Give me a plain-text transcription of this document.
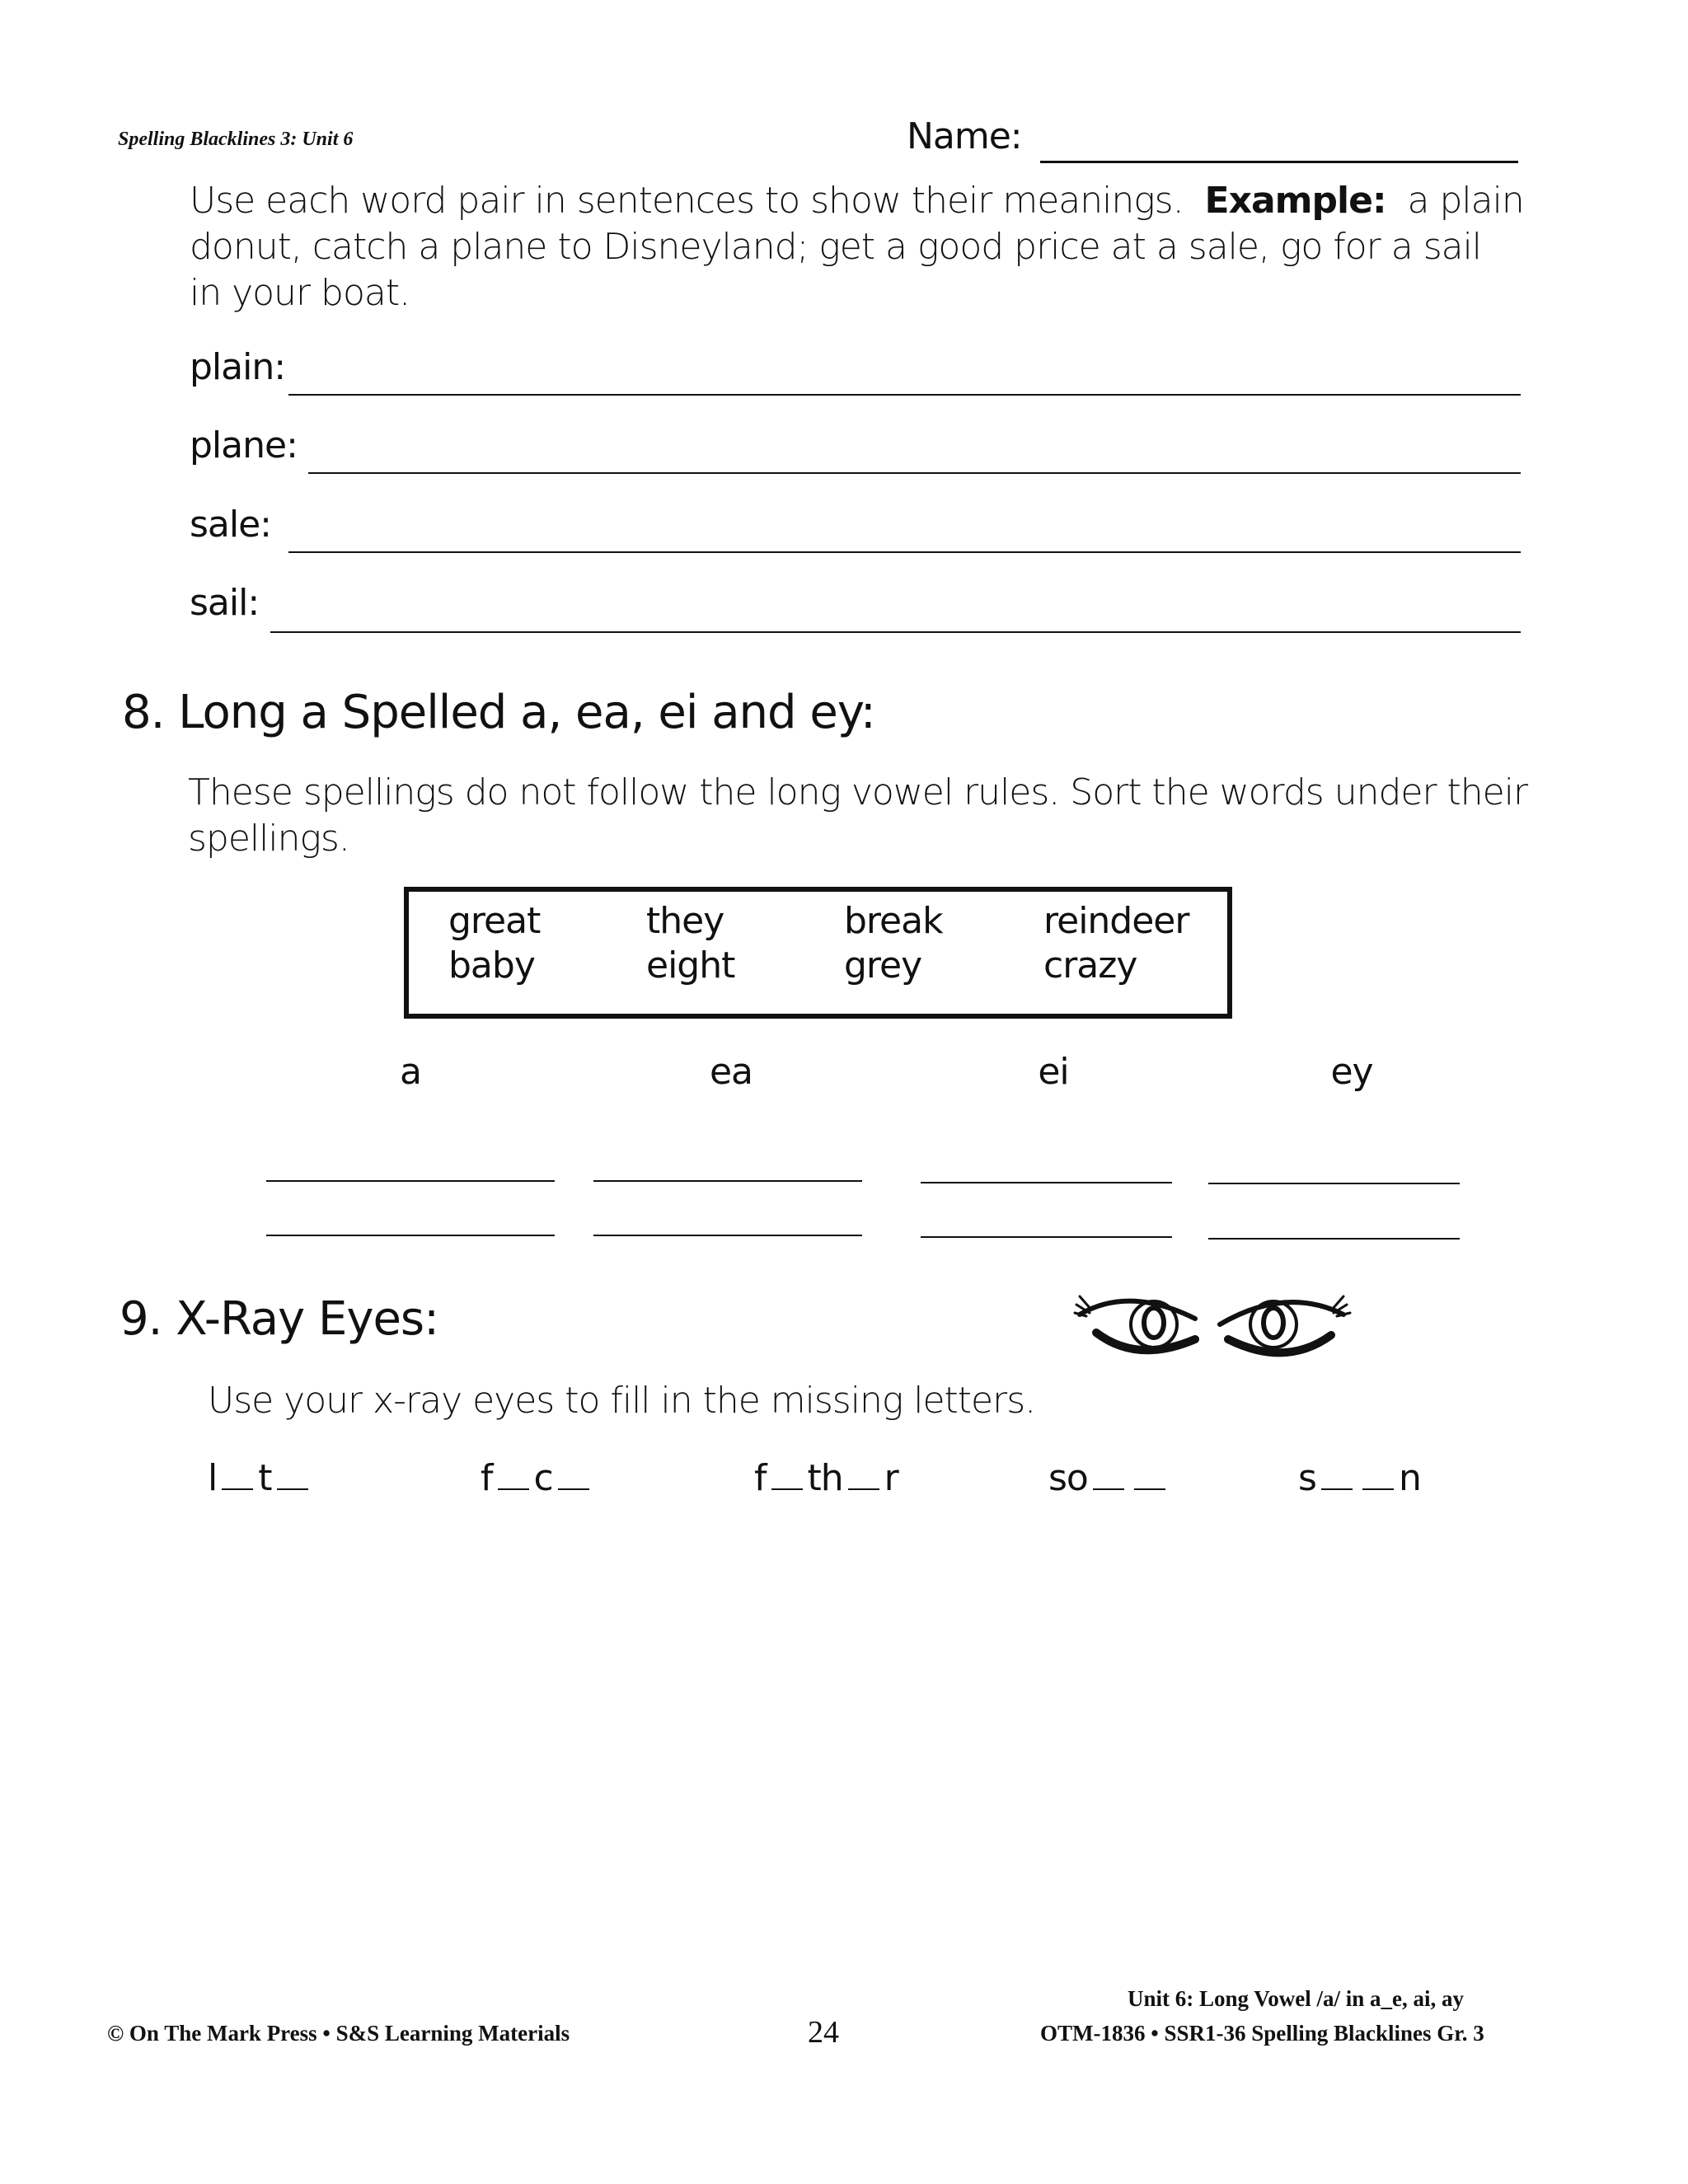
Spelling Blacklines 3: Unit 6	Name:
Use each word pair in sentences to show their meanings. Example: a plain
donut, catch a plane to Disneyland; get a good price at a sale, go for a sail
in your boat.
plain:
plane:
sale:
sail:
8. Long a Spelled a, ea, ei and ey:
These spellings do not follow the long vowel rules. Sort the words under their
spellings.
great	they	break	reindeer
baby	eight	grey	crazy
a	ea	ei	ey
9. X-Ray Eyes:
Use your x-ray eyes to fill in the missing letters.
l t	f c	f th r	so	s n
Unit 6: Long Vowel /a/ in a_e, ai, ay
© On The Mark Press • S&S Learning Materials	24	OTM-1836 • SSR1-36 Spelling Blacklines Gr. 3
